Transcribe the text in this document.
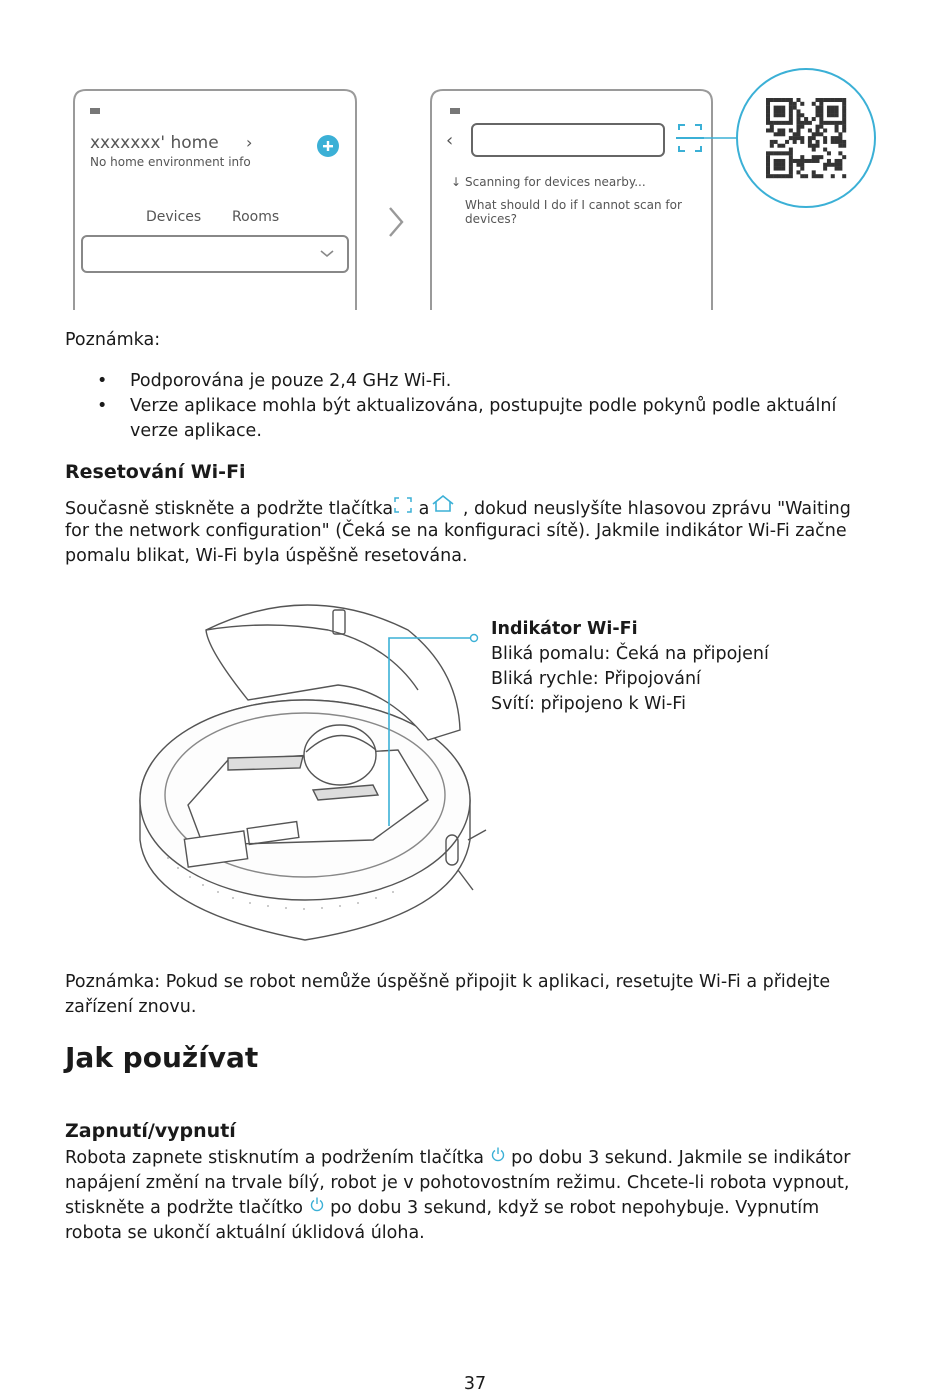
xxxxxxx' home ›
No home environment info
Devices Rooms
‹
↓ Scanning for devices nearby...
What should I do if I cannot scan for
devices?
Poznámka:
• Podporována je pouze 2,4 GHz Wi-Fi.
• Verze aplikace mohla být aktualizována, postupujte podle pokynů podle aktuální
verze aplikace.
Resetování Wi-Fi
Současně stiskněte a podržte tlačítka a , dokud neuslyšíte hlasovou zprávu "Waiting
for the network configuration" (Čeká se na konfiguraci sítě). Jakmile indikátor Wi-Fi začne
pomalu blikat, Wi-Fi byla úspěšně resetována.
Indikátor Wi-Fi
Bliká pomalu: Čeká na připojení
Bliká rychle: Připojování
Svítí: připojeno k Wi-Fi
Poznámka: Pokud se robot nemůže úspěšně připojit k aplikaci, resetujte Wi-Fi a přidejte
zařízení znovu.
Jak používat
Zapnutí/vypnutí
Robota zapnete stisknutím a podržením tlačítka  po dobu 3 sekund. Jakmile se indikátor
napájení změní na trvale bílý, robot je v pohotovostním režimu. Chcete-li robota vypnout,
stiskněte a podržte tlačítko  po dobu 3 sekund, když se robot nepohybuje. Vypnutím
robota se ukončí aktuální úklidová úloha.
37
